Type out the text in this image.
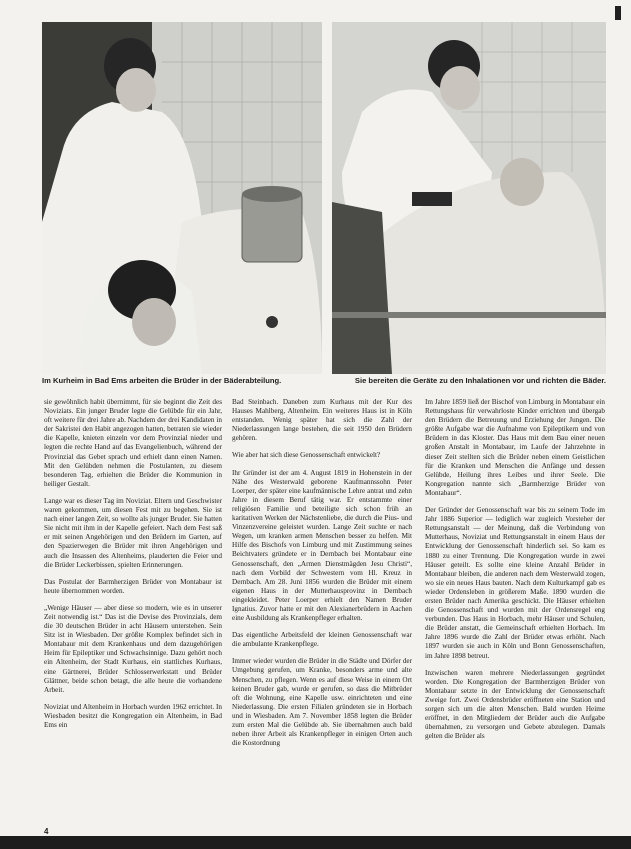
Im Kurheim in Bad Ems arbeiten die Brüder in der Bäderabteilung.	Sie bereiten die Geräte zu den Inhalationen vor und richten die Bäder.

sie gewöhnlich habit übernimmt, für sie beginnt die Zeit des Noviziats. Ein junger Bruder legte die Gelübde für ein Jahr, oft weitere für drei Jahre ab. Nachdem der drei Kandidaten in der Sakristei den Habit angezogen hatten, betraten sie wieder die Kapelle, knieten einzeln vor dem Provinzial nieder und legten die rechte Hand auf das Evangelienbuch, während der Provinzial das Gebet sprach und erhielt dann einen Namen. Mit den Gelübden nehmen die Postulanten, zu diesem besonderen Tag, erhielten die Brüder die Kommunion in heiliger Gestalt.

Lange war es dieser Tag im Noviziat. Eltern und Geschwister waren gekommen, um diesen Fest mit zu begehen. Sie ist nach einer langen Zeit, so wollte als junger Bruder. Sie hatten Sie nicht mit ihm in der Kapelle gefeiert. Nach dem Fest saß er mit seinen Angehörigen und den Brüdern im Garten, auf den Spazierwegen die Brüder mit ihren Angehörigen und auch die Insassen des Altenheims, plauderten die Feier und die Brüder Leckerbissen, spielten Erinnerungen.

Das Postulat der Barmherzigen Brüder von Montabaur ist heute übernommen worden.

„Wenige Häuser — aber diese so modern, wie es in unserer Zeit notwendig ist.“ Das ist die Devise des Provinzials, dem die 30 deutschen Brüder in acht Häusern unterstehen. Sein Sitz ist in Wiesbaden. Der größte Komplex befindet sich in Montabaur mit dem Krankenhaus und dem dazugehörigen Heim für Epileptiker und Schwachsinnige. Dazu gehört noch ein Altenheim, der Stadt Kurhaus, ein stattliches Kurhaus, eine Gärtnerei, Brüder Schlosserwerkstatt und Brüder Glättner, beide schon betagt, die alle heute die vorhandene Arbeit.

Noviziat und Altenheim in Horbach wurden 1962 errichtet. In Wiesbaden besitzt die Kongregation ein Altenheim, in Bad Ems ein

Bad Steinbach. Daneben zum Kurhaus mit der Kur des Hauses Mahlberg, Altenheim. Ein weiteres Haus ist in Köln entstanden. Wenig später hat sich die Zahl der Niederlassungen lange bestehen, die seit 1950 den Brüdern gehören.

Wie aber hat sich diese Genossenschaft entwickelt?

Ihr Gründer ist der am 4. August 1819 in Hohenstein in der Nähe des Westerwald geborene Kaufmannssohn Peter Loerper, der später eine kaufmännische Lehre antrat und zehn Jahre in diesem Beruf tätig war. Er entstammte einer religiösen Familie und beteiligte sich schon früh an karitativen Werken der Nächstenliebe, die durch die Pius- und Vinzenzvereine geleistet wurden. Lange Zeit suchte er nach Wegen, um kranken armen Menschen besser zu helfen. Mit Hilfe des Bischofs von Limburg und mit Zustimmung seines Beichtvaters gründete er in Dernbach bei Montabaur eine Genossenschaft, den „Armen Dienstmägden Jesu Christi“, nach dem Vorbild der Schwestern vom Hl. Kreuz in Dernbach. Am 28. Juni 1856 wurden die Brüder mit einem eigenen Haus in der Mutterhausprovinz in Dernbach eingekleidet. Peter Loerper erhielt den Namen Bruder Ignatius. Zuvor hatte er mit den Alexianerbrüdern in Aachen eine Ausbildung als Krankenpfleger erhalten.

Das eigentliche Arbeitsfeld der kleinen Genossenschaft war die ambulante Krankenpflege.

Immer wieder wurden die Brüder in die Städte und Dörfer der Umgebung gerufen, um Kranke, besonders arme und alte Menschen, zu pflegen. Wenn es auf diese Weise in einem Ort keinen Bruder gab, wurde er gerufen, so dass die Mitbrüder oft die Wohnung, eine Kapelle usw. einrichteten und eine Niederlassung. Die ersten Filialen gründeten sie in Horbach und in Wiesbaden. Am 7. November 1858 legten die Brüder zum ersten Mal die Gelübde ab. Sie übernahmen auch bald neben ihrer Arbeit als Krankenpfleger in einigen Orten auch die Kostordnung

Im Jahre 1859 ließ der Bischof von Limburg in Montabaur ein Rettungshaus für verwahrloste Kinder errichten und übergab den Brüdern die Betreuung und Erziehung der Jungen. Die größte Aufgabe war die Aufnahme von Epileptikern und von Brüdern in das Kloster. Das Haus mit dem Bau einer neuen großen Anstalt in Montabaur, im Laufe der Jahrzehnte in dieser Zeit stellten sich die Brüder neben einem Geistlichen für die Kranken und Menschen die Anfänge und dessen Gelübde, Heilung ihres Leibes und ihrer Seele. Die Kongregation nannte sich „Barmherzige Brüder von Montabaur“.

Der Gründer der Genossenschaft war bis zu seinem Tode im Jahr 1886 Superior — lediglich war zugleich Vorsteher der Rettungsanstalt — der Meinung, daß die Verbindung von Mutterhaus, Noviziat und Rettungsanstalt in einem Haus der Entwicklung der Genossenschaft hinderlich sei. So kam es 1880 zu einer Trennung. Die Kongregation wurde in zwei Häuser geteilt. Es sollte eine kleine Anzahl Brüder in Montabaur bleiben, die anderen nach dem Westerwald zogen, wo sie ein neues Haus bauten. Nach dem Kulturkampf gab es wieder Ordensleben in größerem Maße. 1890 wurden die ersten Brüder nach Amerika geschickt. Die Häuser erhielten die Genossenschaft und wurden mit der Ordensregel eng verbunden. Das Haus in Horbach, mehr Häuser und Schulen, die Brüder anstatt, die Gemeinschaft erhielten Horbach. Im Jahre 1896 wurde die Zahl der Brüder etwas erhöht. Nach 1897 wurden sie auch in Köln und Bonn Genossenschaften, im Jahre 1898 betreut.

Inzwischen waren mehrere Niederlassungen gegründet worden. Die Kongregation der Barmherzigen Brüder von Montabaur setzte in der Entwicklung der Genossenschaft Zweige fort. Zwei Ordensbrüder eröffneten eine Station und sorgen sich um die alten Menschen. Bald wurden Heime eröffnet, in den Mitgliedern der Brüder auch die Aufgabe übernahmen, zu versorgen und Gebete abzulegen. Damals gelten die Brüder als

4
